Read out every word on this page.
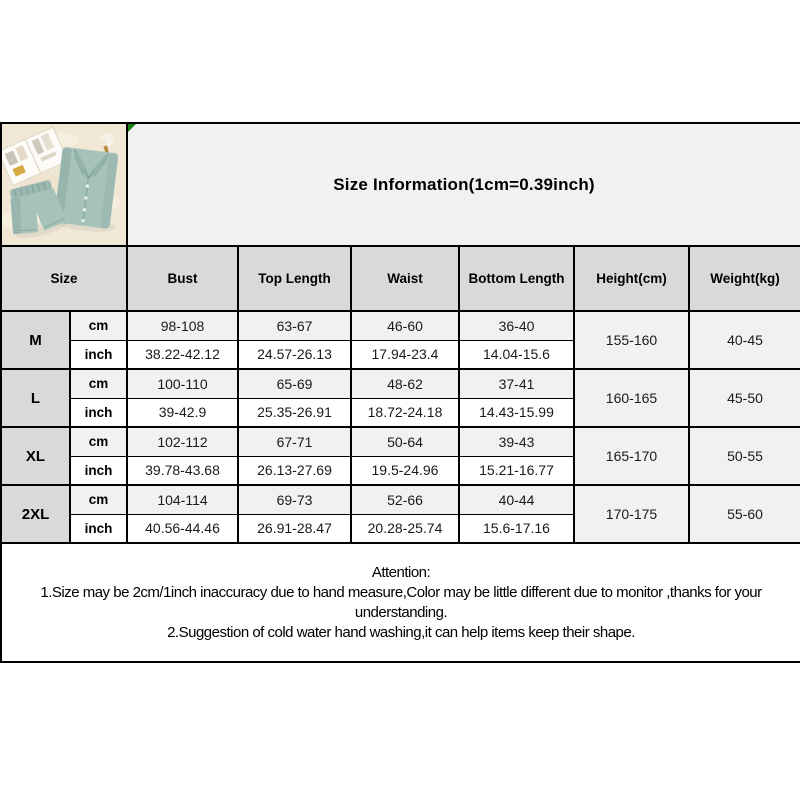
Size Information(1cm=0.39inch)					
Size		Bust	Top Length	Waist	Bottom Length	Height(cm)	Weight(kg)
M	cm	98-108	63-67	46-60	36-40	155-160	40-45
	inch	38.22-42.12	24.57-26.13	17.94-23.4	14.04-15.6		
L	cm	100-110	65-69	48-62	37-41	160-165	45-50
	inch	39-42.9	25.35-26.91	18.72-24.18	14.43-15.99		
XL	cm	102-112	67-71	50-64	39-43	165-170	50-55
	inch	39.78-43.68	26.13-27.69	19.5-24.96	15.21-16.77		
2XL	cm	104-114	69-73	52-66	40-44	170-175	55-60
	inch	40.56-44.46	26.91-28.47	20.28-25.74	15.6-17.16		

Attention:
1.Size may be 2cm/1inch inaccuracy due to hand measure,Color may be little different due to monitor ,thanks for your understanding.
2.Suggestion of cold water hand washing,it can help items keep their shape.							
